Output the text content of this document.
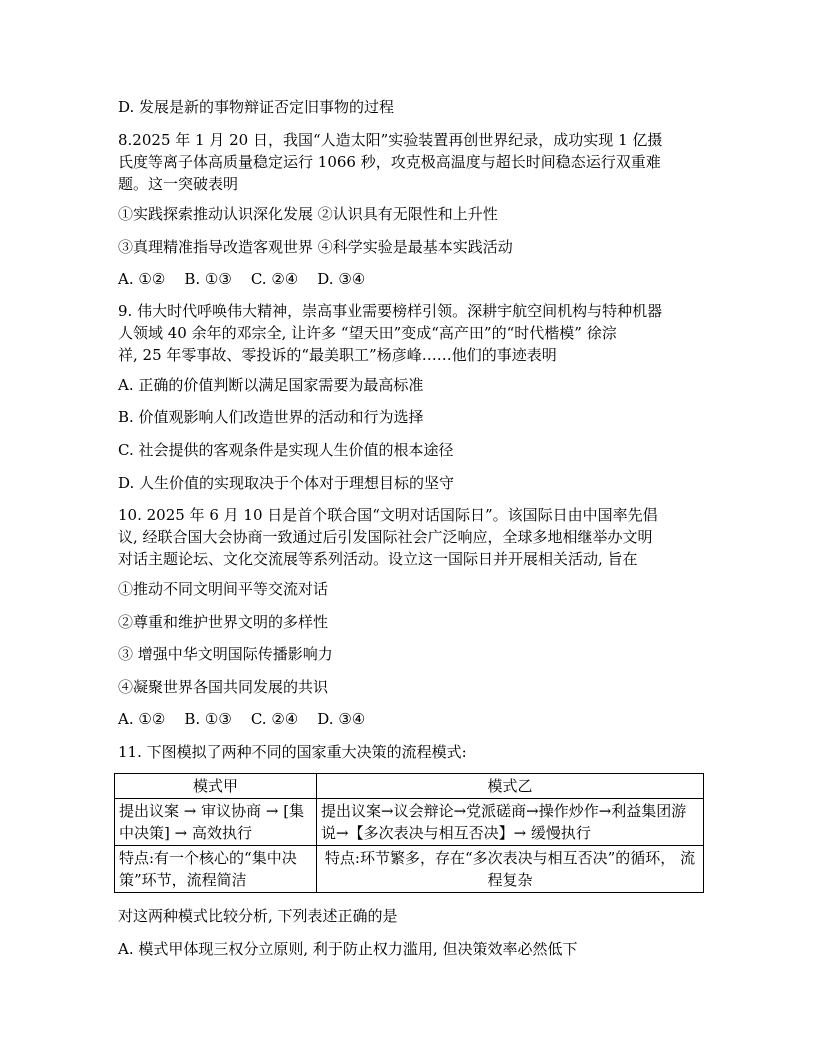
D. 发展是新的事物辩证否定旧事物的过程
8.2025 年 1 月 20 日，我国“人造太阳”实验装置再创世界纪录，成功实现 1 亿摄
氏度等离子体高质量稳定运行 1066 秒，攻克极高温度与超长时间稳态运行双重难
题。这一突破表明
①实践探索推动认识深化发展 ②认识具有无限性和上升性
③真理精准指导改造客观世界 ④科学实验是最基本实践活动
A. ①②    B. ①③    C. ②④    D. ③④
9. 伟大时代呼唤伟大精神，崇高事业需要榜样引领。深耕宇航空间机构与特种机器
人领域 40 余年的邓宗全, 让许多 “望天田”变成“高产田”的“时代楷模” 徐淙
祥, 25 年零事故、零投诉的“最美职工”杨彦峰……他们的事迹表明
A. 正确的价值判断以满足国家需要为最高标准
B. 价值观影响人们改造世界的活动和行为选择
C. 社会提供的客观条件是实现人生价值的根本途径
D. 人生价值的实现取决于个体对于理想目标的坚守
10. 2025 年 6 月 10 日是首个联合国“文明对话国际日”。该国际日由中国率先倡
议, 经联合国大会协商一致通过后引发国际社会广泛响应，全球多地相继举办文明
对话主题论坛、文化交流展等系列活动。设立这一国际日并开展相关活动, 旨在
①推动不同文明间平等交流对话
②尊重和维护世界文明的多样性
③ 增强中华文明国际传播影响力
④凝聚世界各国共同发展的共识
A. ①②    B. ①③    C. ②④    D. ③④
11. 下图模拟了两种不同的国家重大决策的流程模式:
模式甲	模式乙
提出议案 → 审议协商 → [集中决策] → 高效执行	提出议案→议会辩论→党派磋商→操作炒作→利益集团游说→【多次表决与相互否决】→ 缓慢执行
特点:有一个核心的“集中决策”环节，流程简洁	特点:环节繁多，存在“多次表决与相互否决”的循环， 流程复杂
对这两种模式比较分析, 下列表述正确的是
A. 模式甲体现三权分立原则, 利于防止权力滥用, 但决策效率必然低下
